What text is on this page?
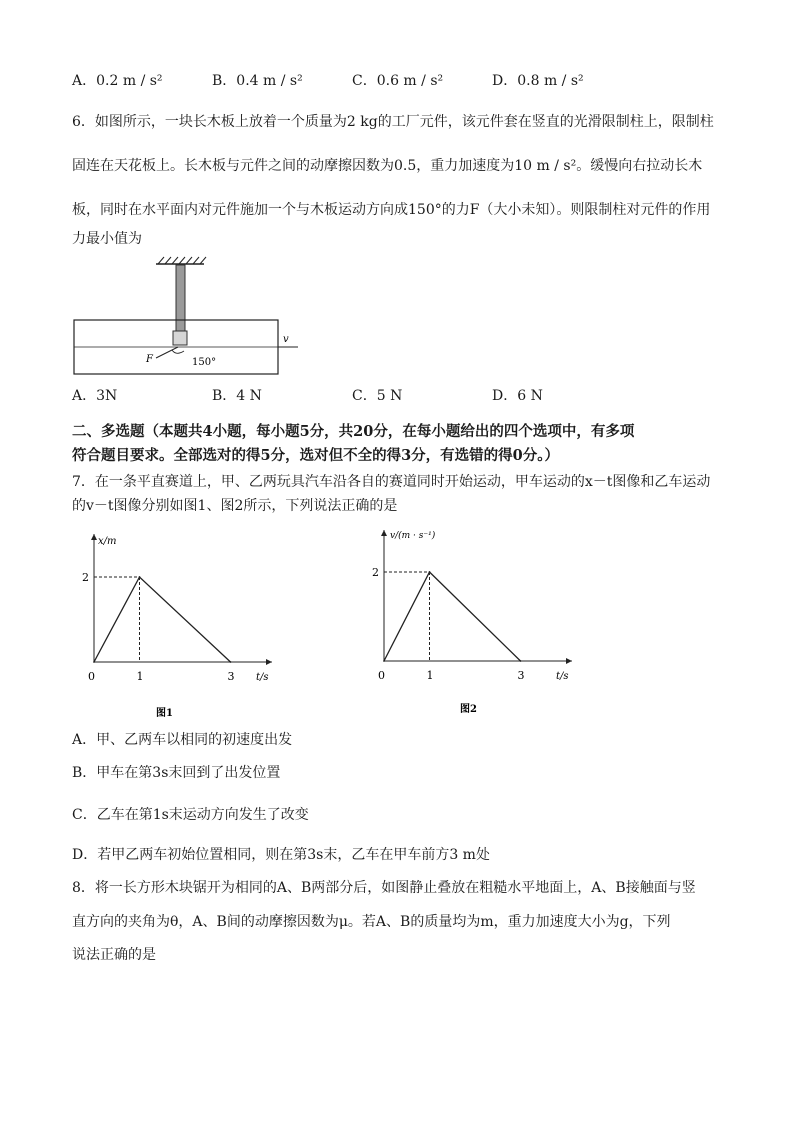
A．0.2 m / s²	B．0.4 m / s²	C．0.6 m / s²	D．0.8 m / s²
6．如图所示，一块长木板上放着一个质量为2 kg的工厂元件，该元件套在竖直的光滑限制柱上，限制柱
固连在天花板上。长木板与元件之间的动摩擦因数为0.5，重力加速度为10 m / s²。缓慢向右拉动长木
板，同时在水平面内对元件施加一个与木板运动方向成150°的力F（大小未知）。则限制柱对元件的作用
力最小值为
v
F	150°
A．3N	B．4 N	C．5 N	D．6 N
二、多选题（本题共4小题，每小题5分，共20分，在每小题给出的四个选项中，有多项
符合题目要求。全部选对的得5分，选对但不全的得3分，有选错的得0分。）
7．在一条平直赛道上，甲、乙两玩具汽车沿各自的赛道同时开始运动，甲车运动的x－t图像和乙车运动
的v－t图像分别如图1、图2所示，下列说法正确的是
x/m
t/s
图1
0	1	3
2
v/(m · s⁻¹)
t/s
图2
0	1	3
2
A．甲、乙两车以相同的初速度出发
B．甲车在第3s末回到了出发位置
C．乙车在第1s末运动方向发生了改变
D．若甲乙两车初始位置相同，则在第3s末，乙车在甲车前方3 m处
8．将一长方形木块锯开为相同的A、B两部分后，如图静止叠放在粗糙水平地面上，A、B接触面与竖
直方向的夹角为θ，A、B间的动摩擦因数为μ。若A、B的质量均为m，重力加速度大小为g，下列
说法正确的是
